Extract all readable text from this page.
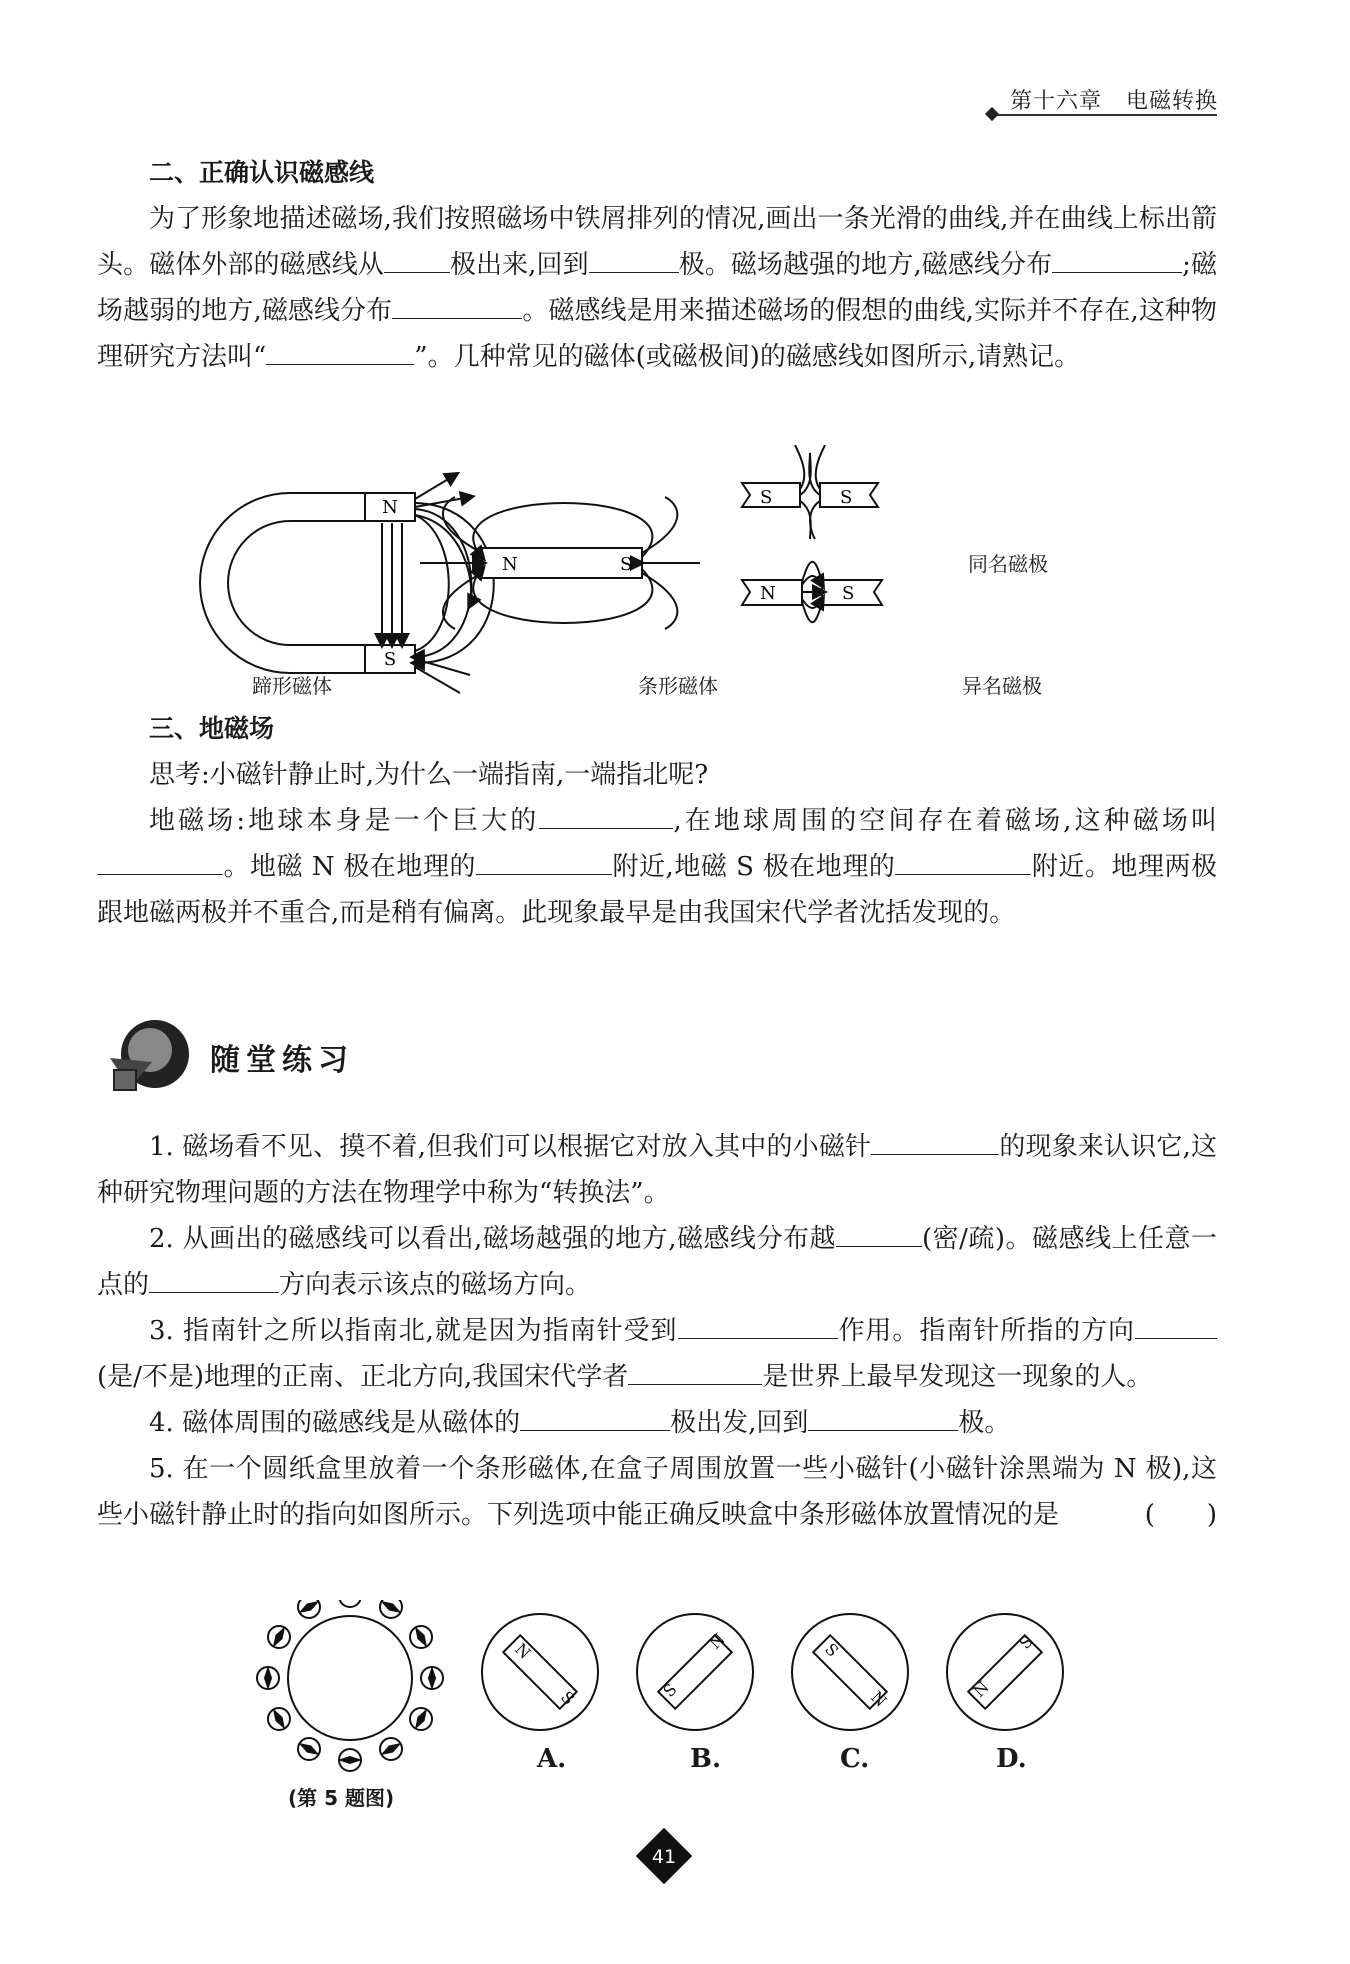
第十六章 电磁转换

二、正确认识磁感线

为了形象地描述磁场,我们按照磁场中铁屑排列的情况,画出一条光滑的曲线,并在曲线上标出箭头。磁体外部的磁感线从	极出来,回到	极。磁场越强的地方,磁感线分布	;磁场越弱的地方,磁感线分布	。磁感线是用来描述磁场的假想的曲线,实际并不存在,这种物理研究方法叫“	”。几种常见的磁体(或磁极间)的磁感线如图所示,请熟记。

N
S
N	S
S	S
N	S
蹄形磁体	条形磁体
同名磁极
异名磁极

三、地磁场

思考:小磁针静止时,为什么一端指南,一端指北呢?

地磁场:地球本身是一个巨大的	,在地球周围的空间存在着磁场,这种磁场叫。地磁 N 极在地理的	附近,地磁 S 极在地理的	附近。地理两极跟地磁两极并不重合,而是稍有偏离。此现象最早是由我国宋代学者沈括发现的。

随堂练习

1. 磁场看不见、摸不着,但我们可以根据它对放入其中的小磁针	的现象来认识它,这种研究物理问题的方法在物理学中称为“转换法”。

2. 从画出的磁感线可以看出,磁场越强的地方,磁感线分布越	(密/疏)。磁感线上任意一点的	方向表示该点的磁场方向。

3. 指南针之所以指南北,就是因为指南针受到	作用。指南针所指的方向(是/不是)地理的正南、正北方向,我国宋代学者	是世界上最早发现这一现象的人。

4. 磁体周围的磁感线是从磁体的	极出发,回到	极。

5. 在一个圆纸盒里放着一个条形磁体,在盒子周围放置一些小磁针(小磁针涂黑端为 N 极),这些小磁针静止时的指向如图所示。下列选项中能正确反映盒中条形磁体放置情况的是	(　　)

N
S	S
N	S
N	N
S
(第 5 题图)
A.	B.	C.	D.
41
